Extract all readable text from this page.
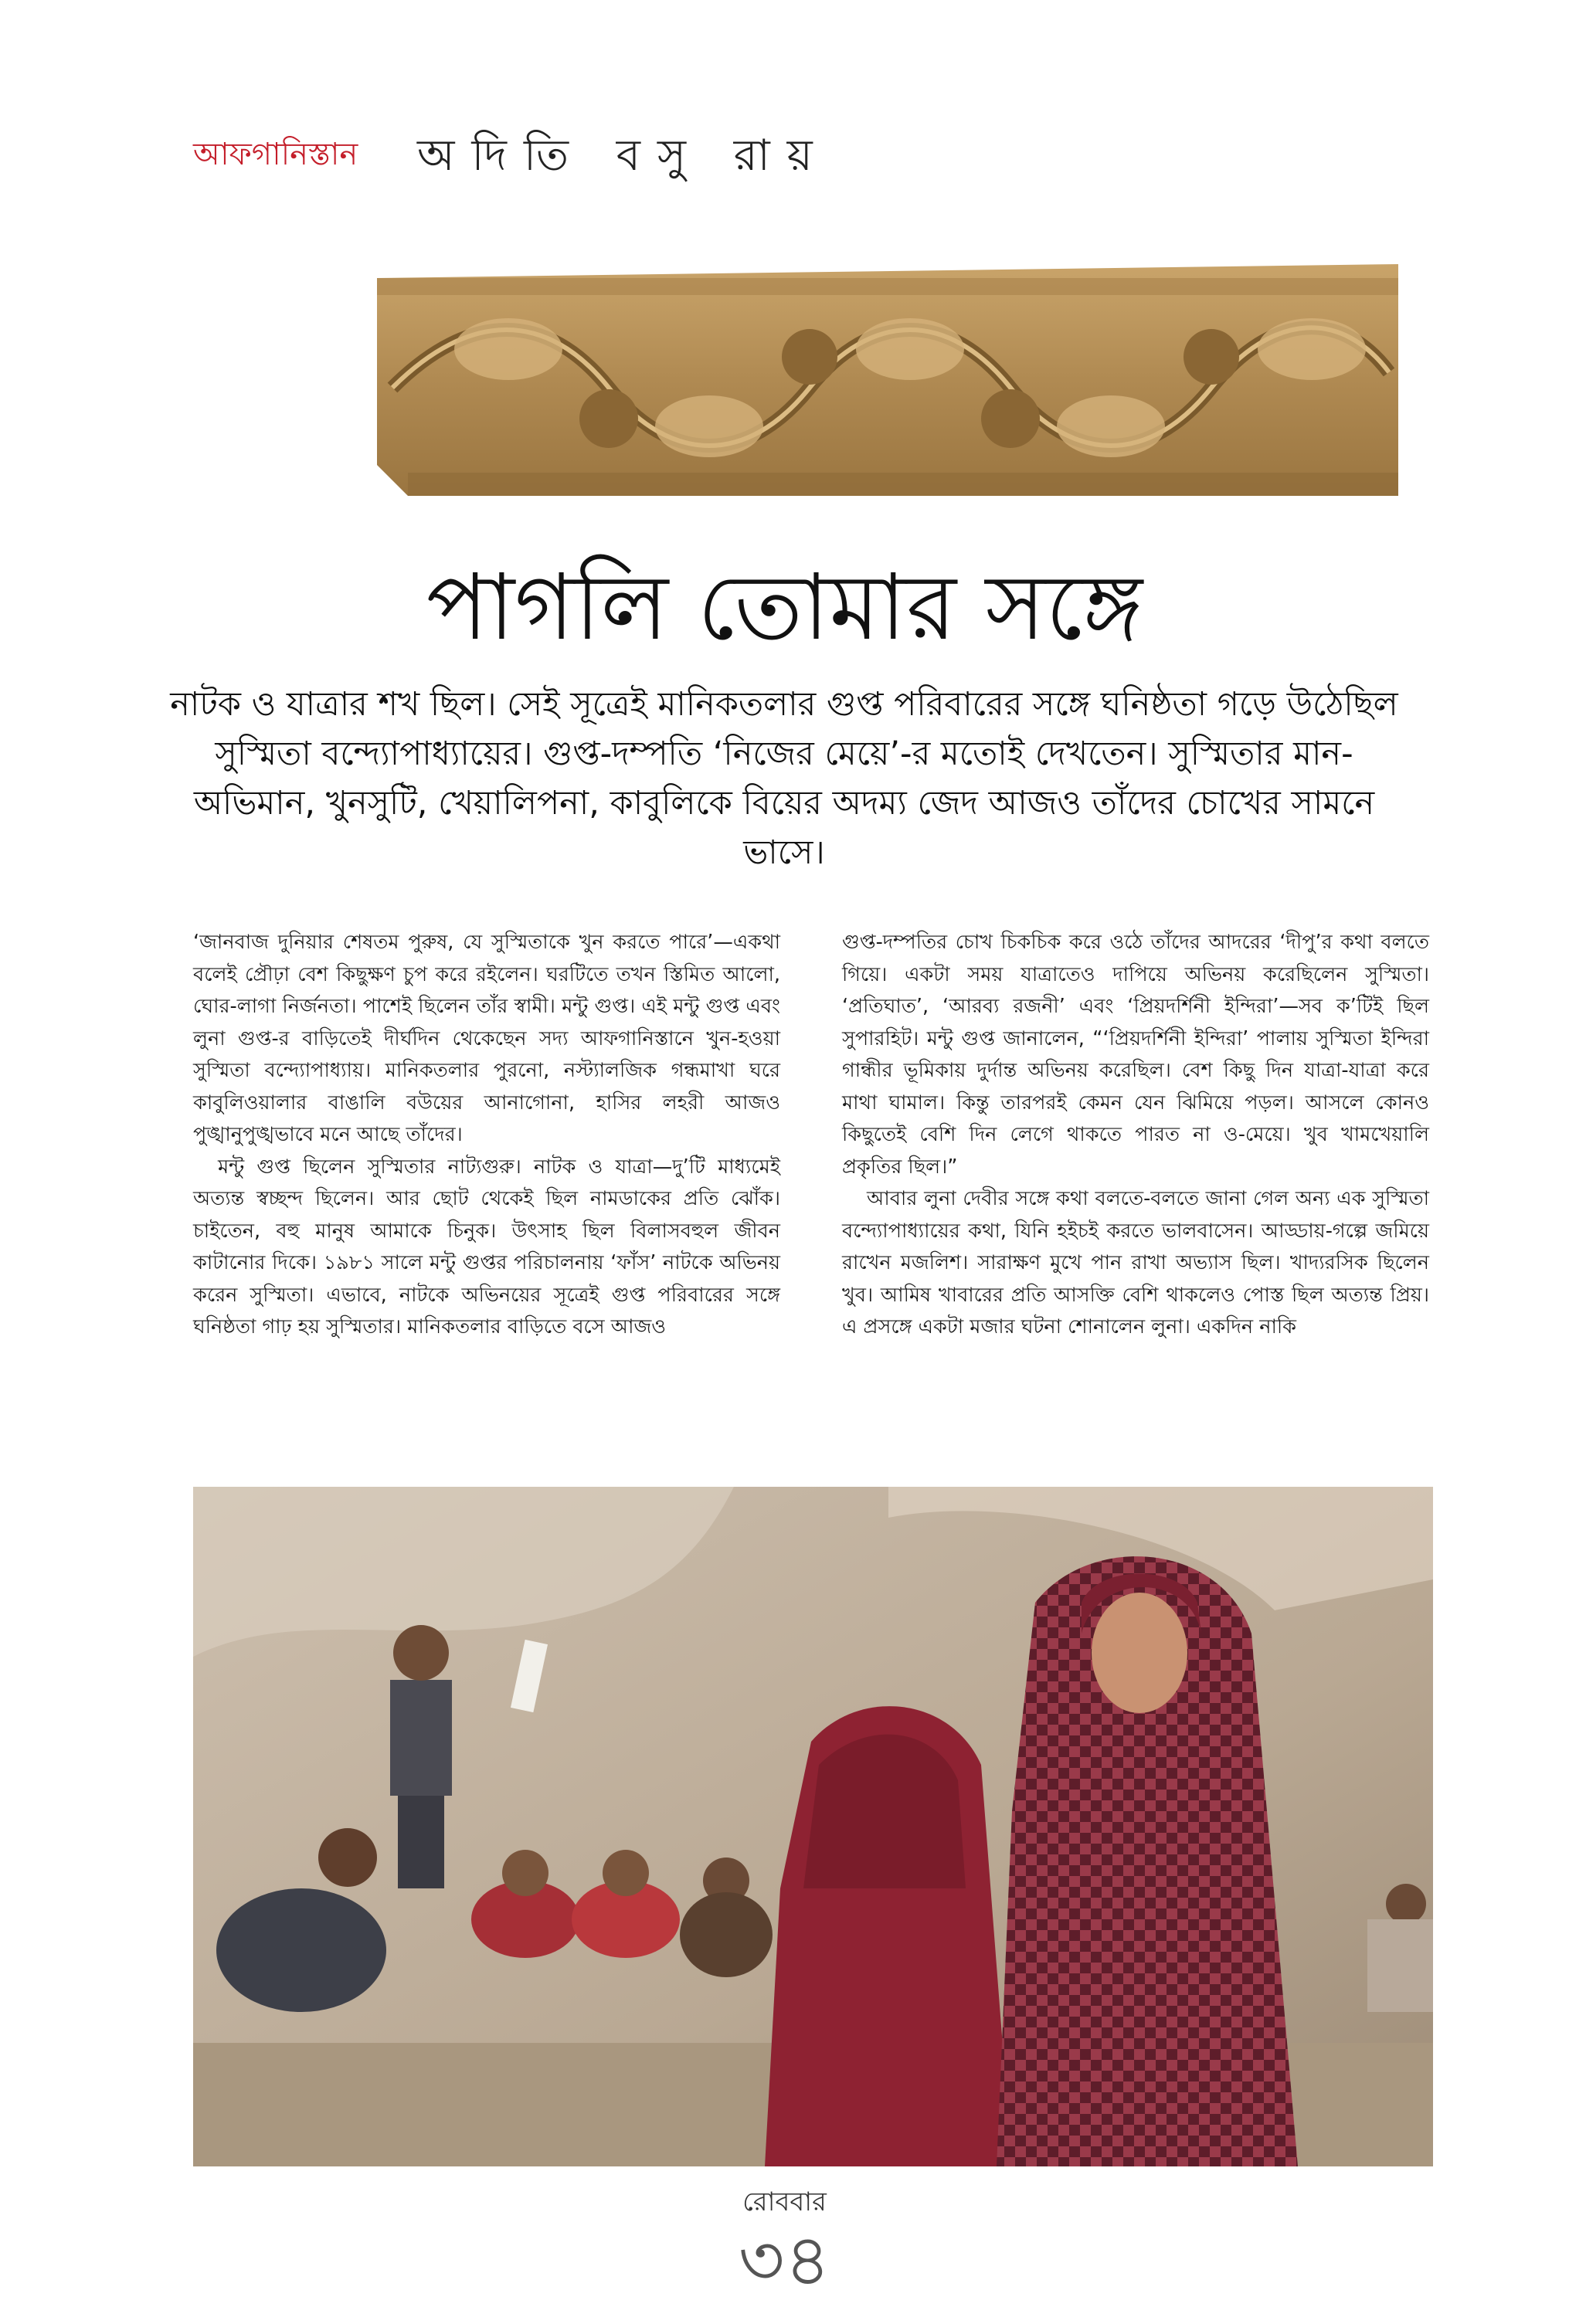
আফগানিস্তান অদিতি বসু রায়
পাগলি তোমার সঙ্গে
নাটক ও যাত্রার শখ ছিল। সেই সূত্রেই মানিকতলার গুপ্ত পরিবারের সঙ্গে ঘনিষ্ঠতা গড়ে উঠেছিল সুস্মিতা বন্দ্যোপাধ্যায়ের। গুপ্ত-দম্পতি ‘নিজের মেয়ে’-র মতোই দেখতেন। সুস্মিতার মান-অভিমান, খুনসুটি, খেয়ালিপনা, কাবুলিকে বিয়ের অদম্য জেদ আজও তাঁদের চোখের সামনে ভাসে।

‘জানবাজ দুনিয়ার শেষতম পুরুষ, যে সুস্মিতাকে খুন করতে পারে’—একথা বলেই প্রৌঢ়া বেশ কিছুক্ষণ চুপ করে রইলেন। ঘরটিতে তখন স্তিমিত আলো, ঘোর-লাগা নির্জনতা। পাশেই ছিলেন তাঁর স্বামী। মন্টু গুপ্ত। এই মন্টু গুপ্ত এবং লুনা গুপ্ত-র বাড়িতেই দীর্ঘদিন থেকেছেন সদ্য আফগানিস্তানে খুন-হওয়া সুস্মিতা বন্দ্যোপাধ্যায়। মানিকতলার পুরনো, নস্ট্যালজিক গন্ধমাখা ঘরে কাবুলিওয়ালার বাঙালি বউয়ের আনাগোনা, হাসির লহরী আজও পুঙ্খানুপুঙ্খভাবে মনে আছে তাঁদের।

মন্টু গুপ্ত ছিলেন সুস্মিতার নাট্যগুরু। নাটক ও যাত্রা—দু’টি মাধ্যমেই অত্যন্ত স্বচ্ছন্দ ছিলেন। আর ছোট থেকেই ছিল নামডাকের প্রতি ঝোঁক। চাইতেন, বহু মানুষ আমাকে চিনুক। উৎসাহ ছিল বিলাসবহুল জীবন কাটানোর দিকে। ১৯৮১ সালে মন্টু গুপ্তর পরিচালনায় ‘ফাঁস’ নাটকে অভিনয় করেন সুস্মিতা। এভাবে, নাটকে অভিনয়ের সূত্রেই গুপ্ত পরিবারের সঙ্গে ঘনিষ্ঠতা গাঢ় হয় সুস্মিতার। মানিকতলার বাড়িতে বসে আজও

গুপ্ত-দম্পতির চোখ চিকচিক করে ওঠে তাঁদের আদরের ‘দীপু’র কথা বলতে গিয়ে। একটা সময় যাত্রাতেও দাপিয়ে অভিনয় করেছিলেন সুস্মিতা। ‘প্রতিঘাত’, ‘আরব্য রজনী’ এবং ‘প্রিয়দর্শিনী ইন্দিরা’—সব ক’টিই ছিল সুপারহিট। মন্টু গুপ্ত জানালেন, “‘প্রিয়দর্শিনী ইন্দিরা’ পালায় সুস্মিতা ইন্দিরা গান্ধীর ভূমিকায় দুর্দান্ত অভিনয় করেছিল। বেশ কিছু দিন যাত্রা-যাত্রা করে মাথা ঘামাল। কিন্তু তারপরই কেমন যেন ঝিমিয়ে পড়ল। আসলে কোনও কিছুতেই বেশি দিন লেগে থাকতে পারত না ও-মেয়ে। খুব খামখেয়ালি প্রকৃতির ছিল।”

আবার লুনা দেবীর সঙ্গে কথা বলতে-বলতে জানা গেল অন্য এক সুস্মিতা বন্দ্যোপাধ্যায়ের কথা, যিনি হইচই করতে ভালবাসেন। আড্ডায়-গল্পে জমিয়ে রাখেন মজলিশ। সারাক্ষণ মুখে পান রাখা অভ্যাস ছিল। খাদ্যরসিক ছিলেন খুব। আমিষ খাবারের প্রতি আসক্তি বেশি থাকলেও পোস্ত ছিল অত্যন্ত প্রিয়। এ প্রসঙ্গে একটা মজার ঘটনা শোনালেন লুনা। একদিন নাকি

রোববার
৩৪
